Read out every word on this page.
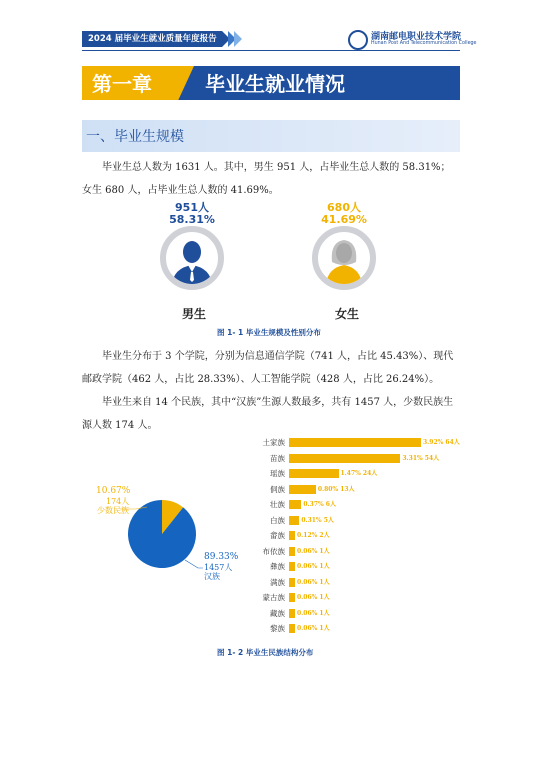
2024 届毕业生就业质量年度报告	湖南邮电职业技术学院
Hunan Post And Telecommunication College
第一章	毕业生就业情况
一、毕业生规模

毕业生总人数为 1631 人。其中，男生 951 人，占毕业生总人数的 58.31%；女生 680 人，占毕业生总人数的 41.69%。

951人
58.31%
男生
680人
41.69%
女生
图 1- 1 毕业生规模及性别分布

毕业生分布于 3 个学院，分别为信息通信学院（741 人，占比 45.43%）、现代邮政学院（462 人，占比 28.33%）、人工智能学院（428 人，占比 26.24%）。

毕业生来自 14 个民族，其中“汉族”生源人数最多，共有 1457 人，少数民族生源人数 174 人。

10.67%
174人
少数民族
89.33%
1457人
汉族
土家族	3.92% 64人
苗族	3.31% 54人
瑶族	1.47% 24人
侗族	0.80% 13人
壮族	0.37% 6人
白族	0.31% 5人
畲族 0.12% 2人
布依族 0.06% 1人
彝族 0.06% 1人
满族 0.06% 1人
蒙古族 0.06% 1人
藏族 0.06% 1人
黎族 0.06% 1人
图 1- 2 毕业生民族结构分布
